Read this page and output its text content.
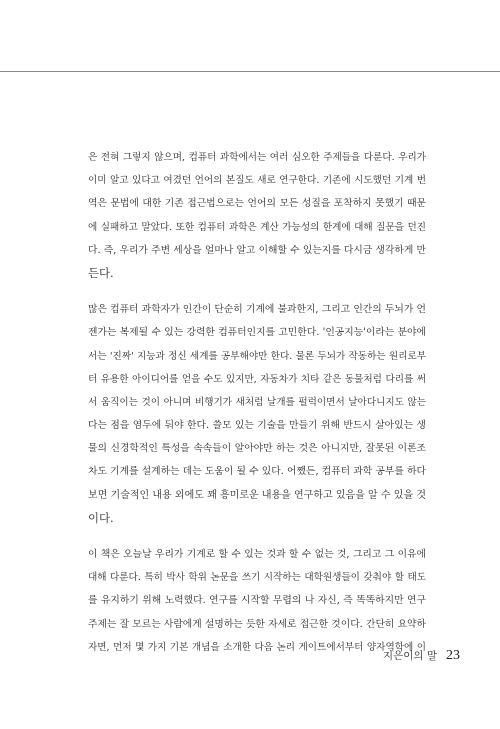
은 전혀 그렇지 않으며, 컴퓨터 과학에서는 여러 심오한 주제들을 다룬다. 우리가
이미 알고 있다고 여겼던 언어의 본질도 새로 연구한다. 기존에 시도했던 기계 번
역은 문법에 대한 기존 접근법으로는 언어의 모든 성질을 포착하지 못했기 때문
에 실패하고 말았다. 또한 컴퓨터 과학은 계산 가능성의 한계에 대해 질문을 던진
다. 즉, 우리가 주변 세상을 얼마나 알고 이해할 수 있는지를 다시금 생각하게 만
든다.
많은 컴퓨터 과학자가 인간이 단순히 기계에 불과한지, 그리고 인간의 두뇌가 언
젠가는 복제될 수 있는 강력한 컴퓨터인지를 고민한다. '인공지능'이라는 분야에
서는 '진짜' 지능과 정신 세계를 공부해야만 한다. 물론 두뇌가 작동하는 원리로부
터 유용한 아이디어를 얻을 수도 있지만, 자동차가 치타 같은 동물처럼 다리를 써
서 움직이는 것이 아니며 비행기가 새처럼 날개를 펄럭이면서 날아다니지도 않는
다는 점을 염두에 둬야 한다. 쓸모 있는 기술을 만들기 위해 반드시 살아있는 생
물의 신경학적인 특성을 속속들이 알아야만 하는 것은 아니지만, 잘못된 이론조
차도 기계를 설계하는 데는 도움이 될 수 있다. 어쨌든, 컴퓨터 과학 공부를 하다
보면 기술적인 내용 외에도 꽤 흥미로운 내용을 연구하고 있음을 알 수 있을 것
이다.
이 책은 오늘날 우리가 기계로 할 수 있는 것과 할 수 없는 것, 그리고 그 이유에
대해 다룬다. 특히 박사 학위 논문을 쓰기 시작하는 대학원생들이 갖춰야 할 태도
를 유지하기 위해 노력했다. 연구를 시작할 무렵의 나 자신, 즉 똑똑하지만 연구
주제는 잘 모르는 사람에게 설명하는 듯한 자세로 접근한 것이다. 간단히 요약하
자면, 먼저 몇 가지 기본 개념을 소개한 다음 논리 게이트에서부터 양자역학에 이
지은이의 말 23
